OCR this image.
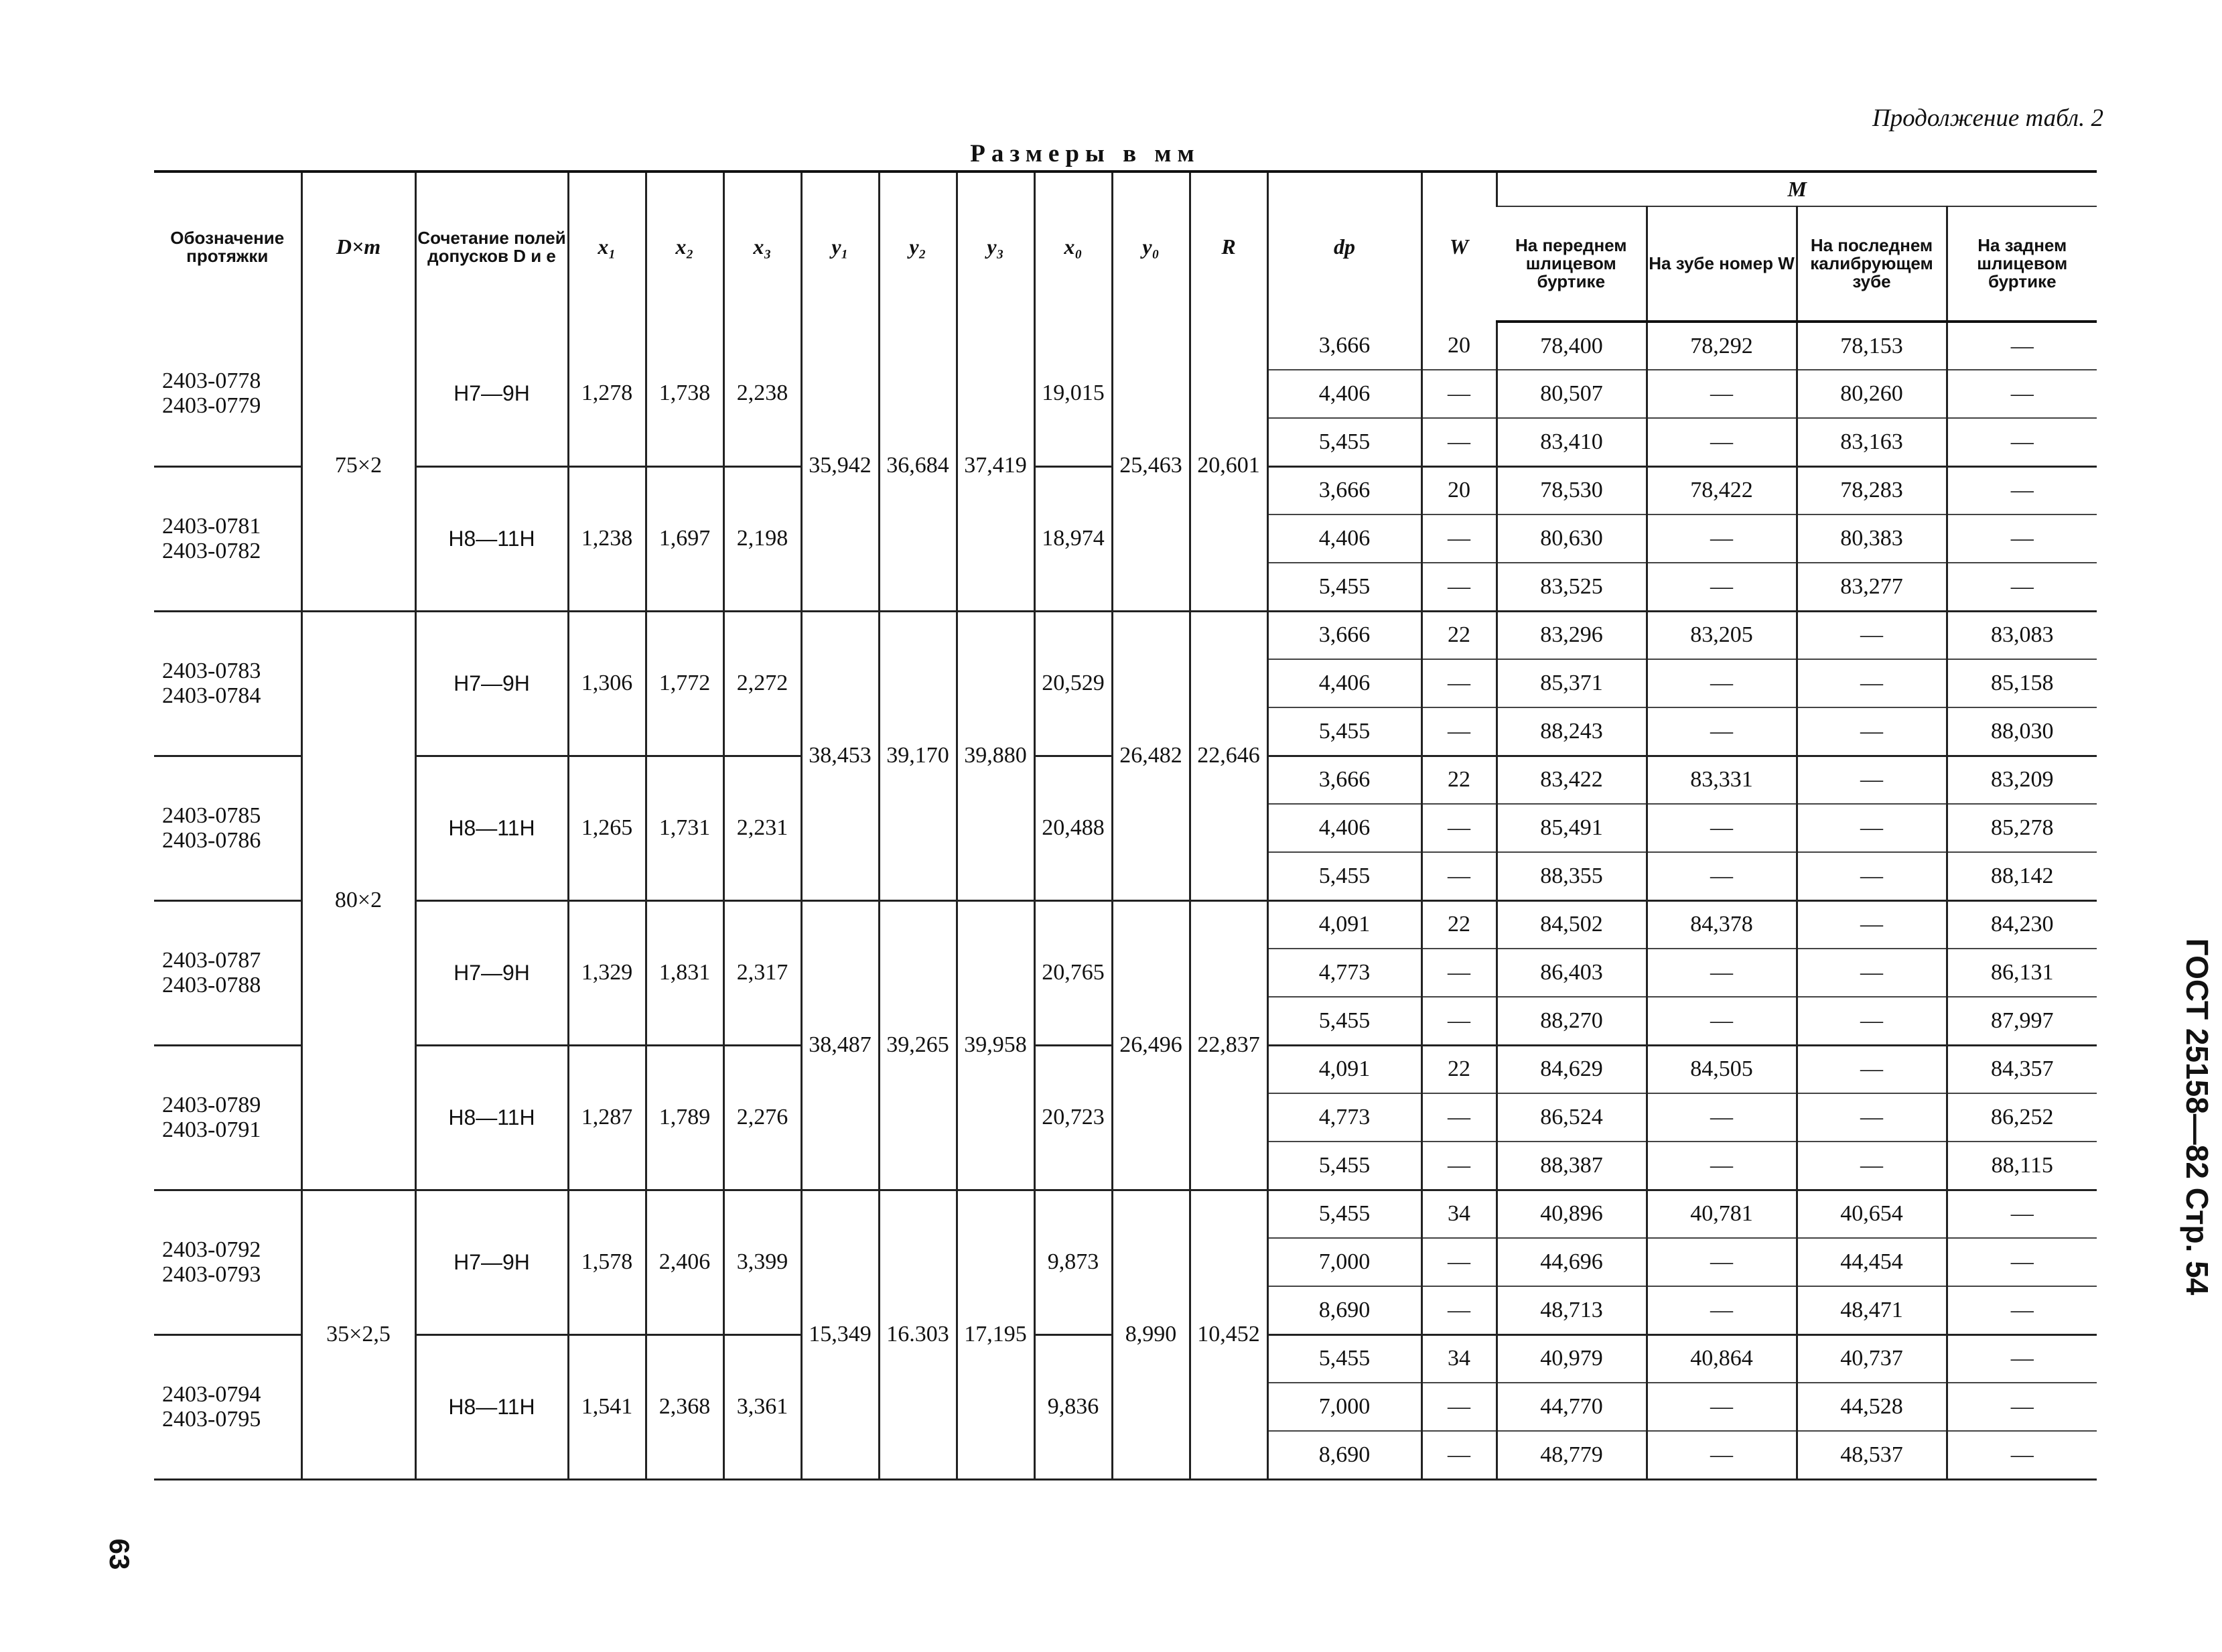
Продолжение табл. 2
Размеры в мм
ГОСТ 25158—82 Стр. 54
63
Обозначение протяжки	D×m	Сочетание полей допусков D и e	x₁	x₂	x₃	y₁	y₂	y₃	x₀	y₀	R	dp	W	M			
														На переднем шлицевом буртике	На зубе номер W	На последнем калибрующем зубе	На заднем шлицевом буртике
2403-0778 2403-0779	75×2	H7—9H	1,278	1,738	2,238	35,942	36,684	37,419	19,015	25,463	20,601	3,666	20	78,400	78,292	78,153	—
												4,406	—	80,507	—	80,260	—
												5,455	—	83,410	—	83,163	—
2403-0781 2403-0782		H8—11H	1,238	1,697	2,198				18,974			3,666	20	78,530	78,422	78,283	—
												4,406	—	80,630	—	80,383	—
												5,455	—	83,525	—	83,277	—
2403-0783 2403-0784	80×2	H7—9H	1,306	1,772	2,272	38,453	39,170	39,880	20,529	26,482	22,646	3,666	22	83,296	83,205	—	83,083
												4,406	—	85,371	—	—	85,158
												5,455	—	88,243	—	—	88,030
2403-0785 2403-0786		H8—11H	1,265	1,731	2,231				20,488			3,666	22	83,422	83,331	—	83,209
												4,406	—	85,491	—	—	85,278
												5,455	—	88,355	—	—	88,142
2403-0787 2403-0788		H7—9H	1,329	1,831	2,317	38,487	39,265	39,958	20,765	26,496	22,837	4,091	22	84,502	84,378	—	84,230
												4,773	—	86,403	—	—	86,131
												5,455	—	88,270	—	—	87,997
2403-0789 2403-0791		H8—11H	1,287	1,789	2,276				20,723			4,091	22	84,629	84,505	—	84,357
												4,773	—	86,524	—	—	86,252
												5,455	—	88,387	—	—	88,115
2403-0792 2403-0793	35×2,5	H7—9H	1,578	2,406	3,399	15,349	16.303	17,195	9,873	8,990	10,452	5,455	34	40,896	40,781	40,654	—
												7,000	—	44,696	—	44,454	—
												8,690	—	48,713	—	48,471	—
2403-0794 2403-0795		H8—11H	1,541	2,368	3,361				9,836			5,455	34	40,979	40,864	40,737	—
												7,000	—	44,770	—	44,528	—
												8,690	—	48,779	—	48,537	—
